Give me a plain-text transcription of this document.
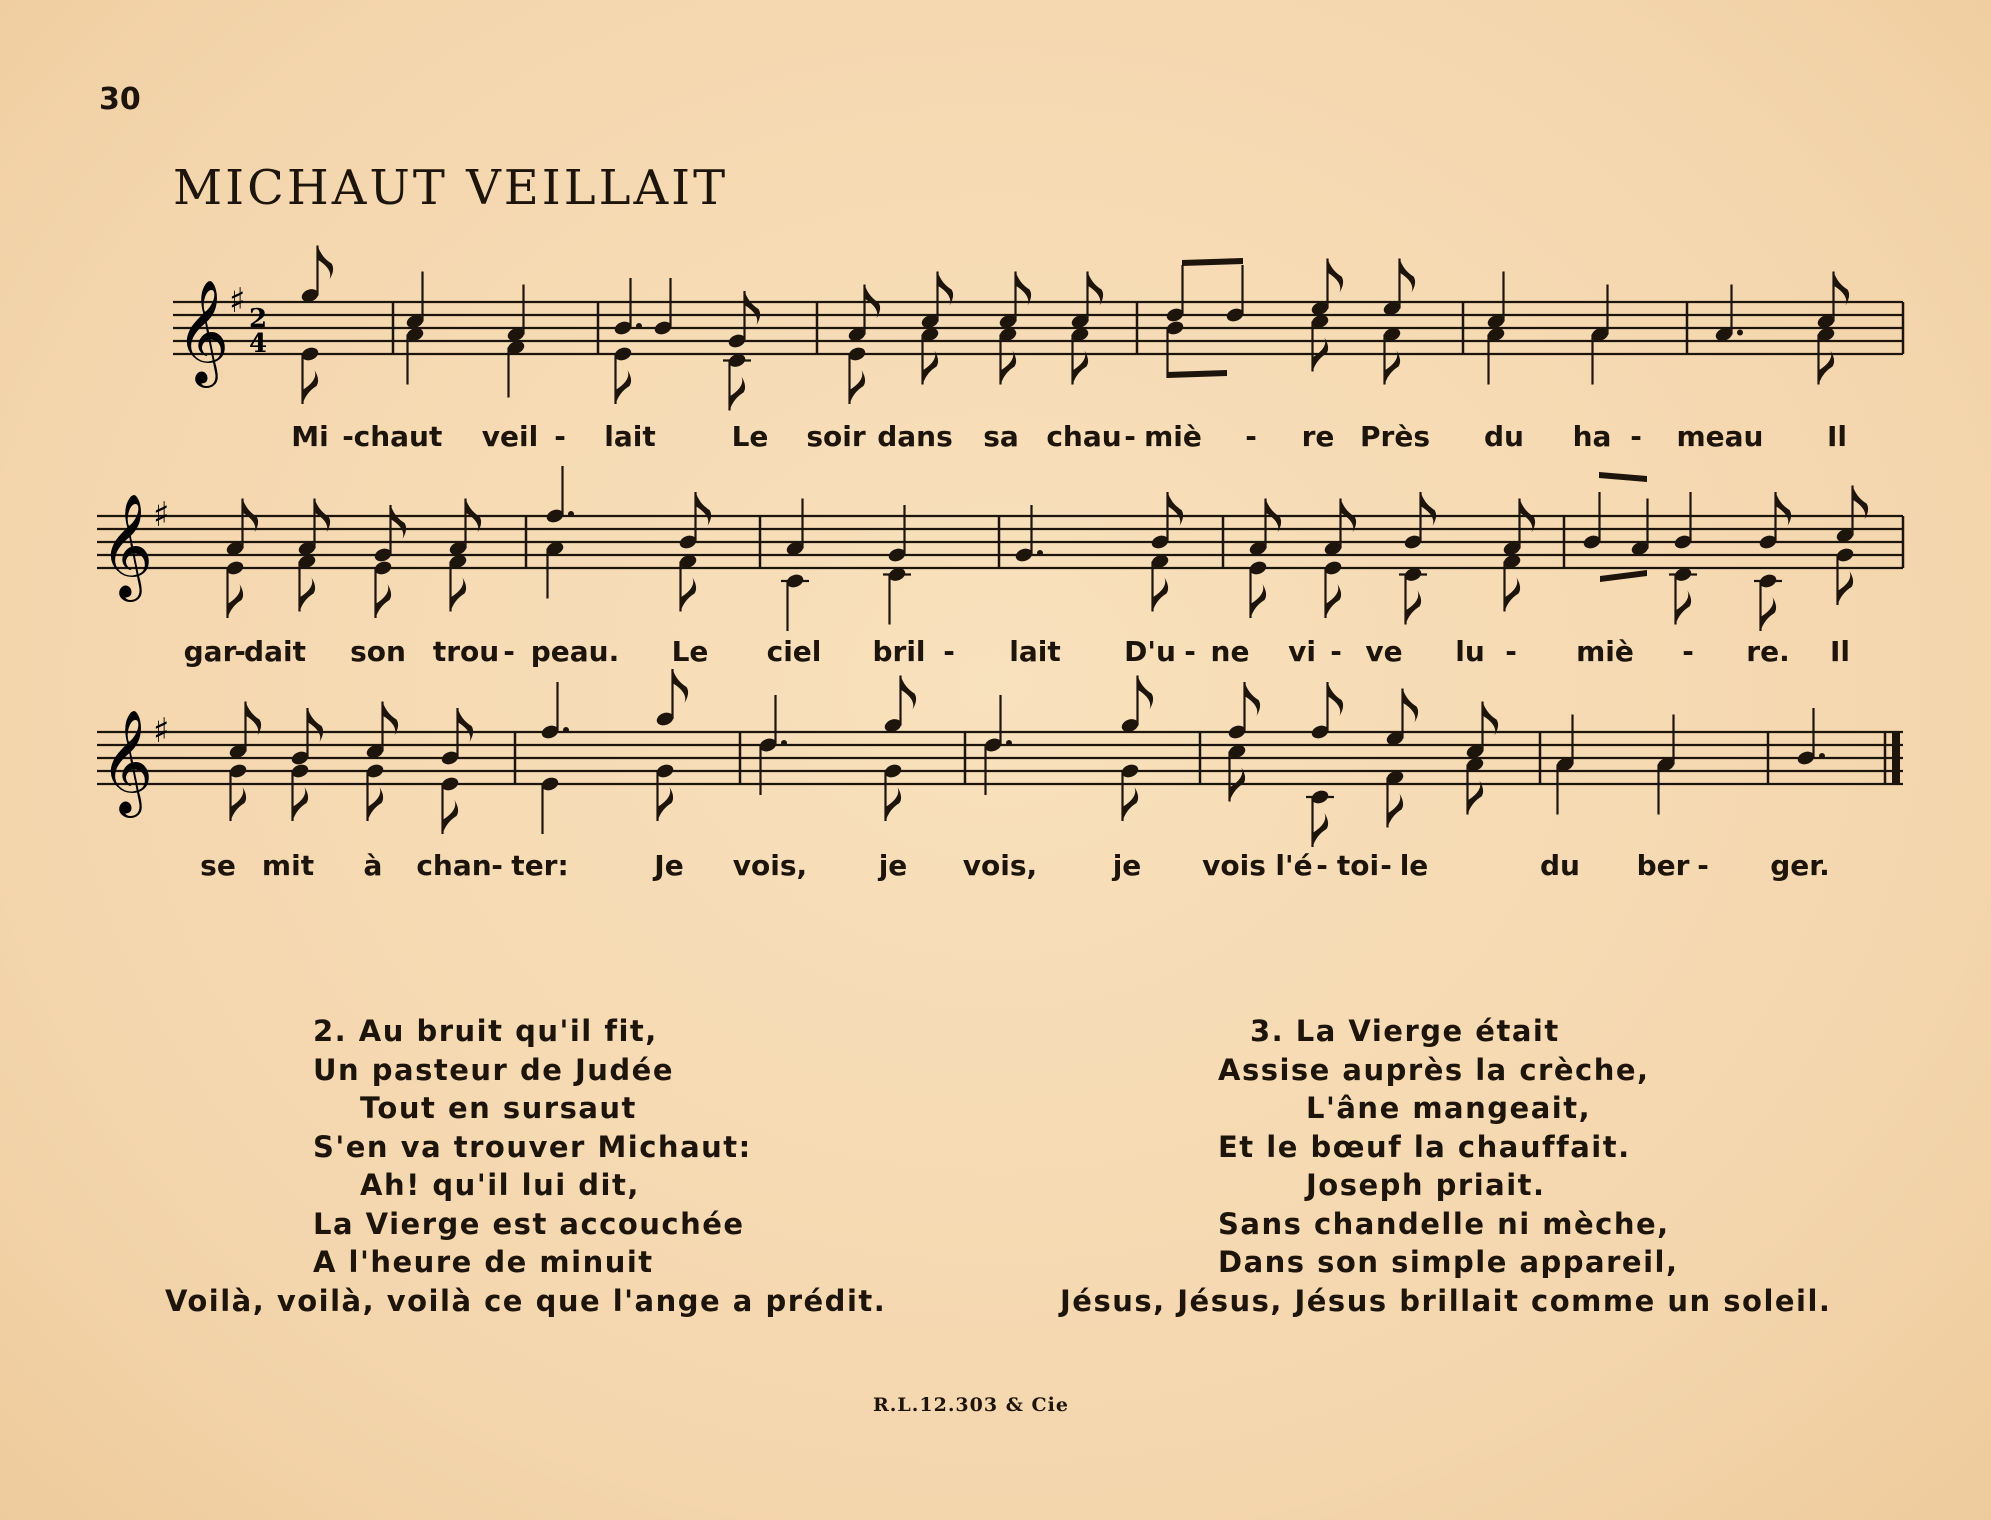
30
MICHAUT VEILLAIT
𝄞 ♯ 2
4
Mi - chaut veil - lait	Le soir dans sa chau - miè - re Près du ha - meau Il
𝄞 ♯
gar
-
dait son trou - peau. Le ciel bril - lait D'u - ne vi - ve lu - miè - re. Il
𝄞 ♯
se mit à chan - ter:	Je vois,	je vois,	je vois l'é - toi - le	du ber - ger.
2. Au bruit qu'il fit,
Un pasteur de Judée
Tout en sursaut
S'en va trouver Michaut:
Ah! qu'il lui dit,
La Vierge est accouchée
A l'heure de minuit
Voilà, voilà, voilà ce que l'ange a prédit.
3. La Vierge était
Assise auprès la crèche,
L'âne mangeait,
Et le bœuf la chauffait.
Joseph priait.
Sans chandelle ni mèche,
Dans son simple appareil,
Jésus, Jésus, Jésus brillait comme un soleil.
R.L.12.303 & Cie
